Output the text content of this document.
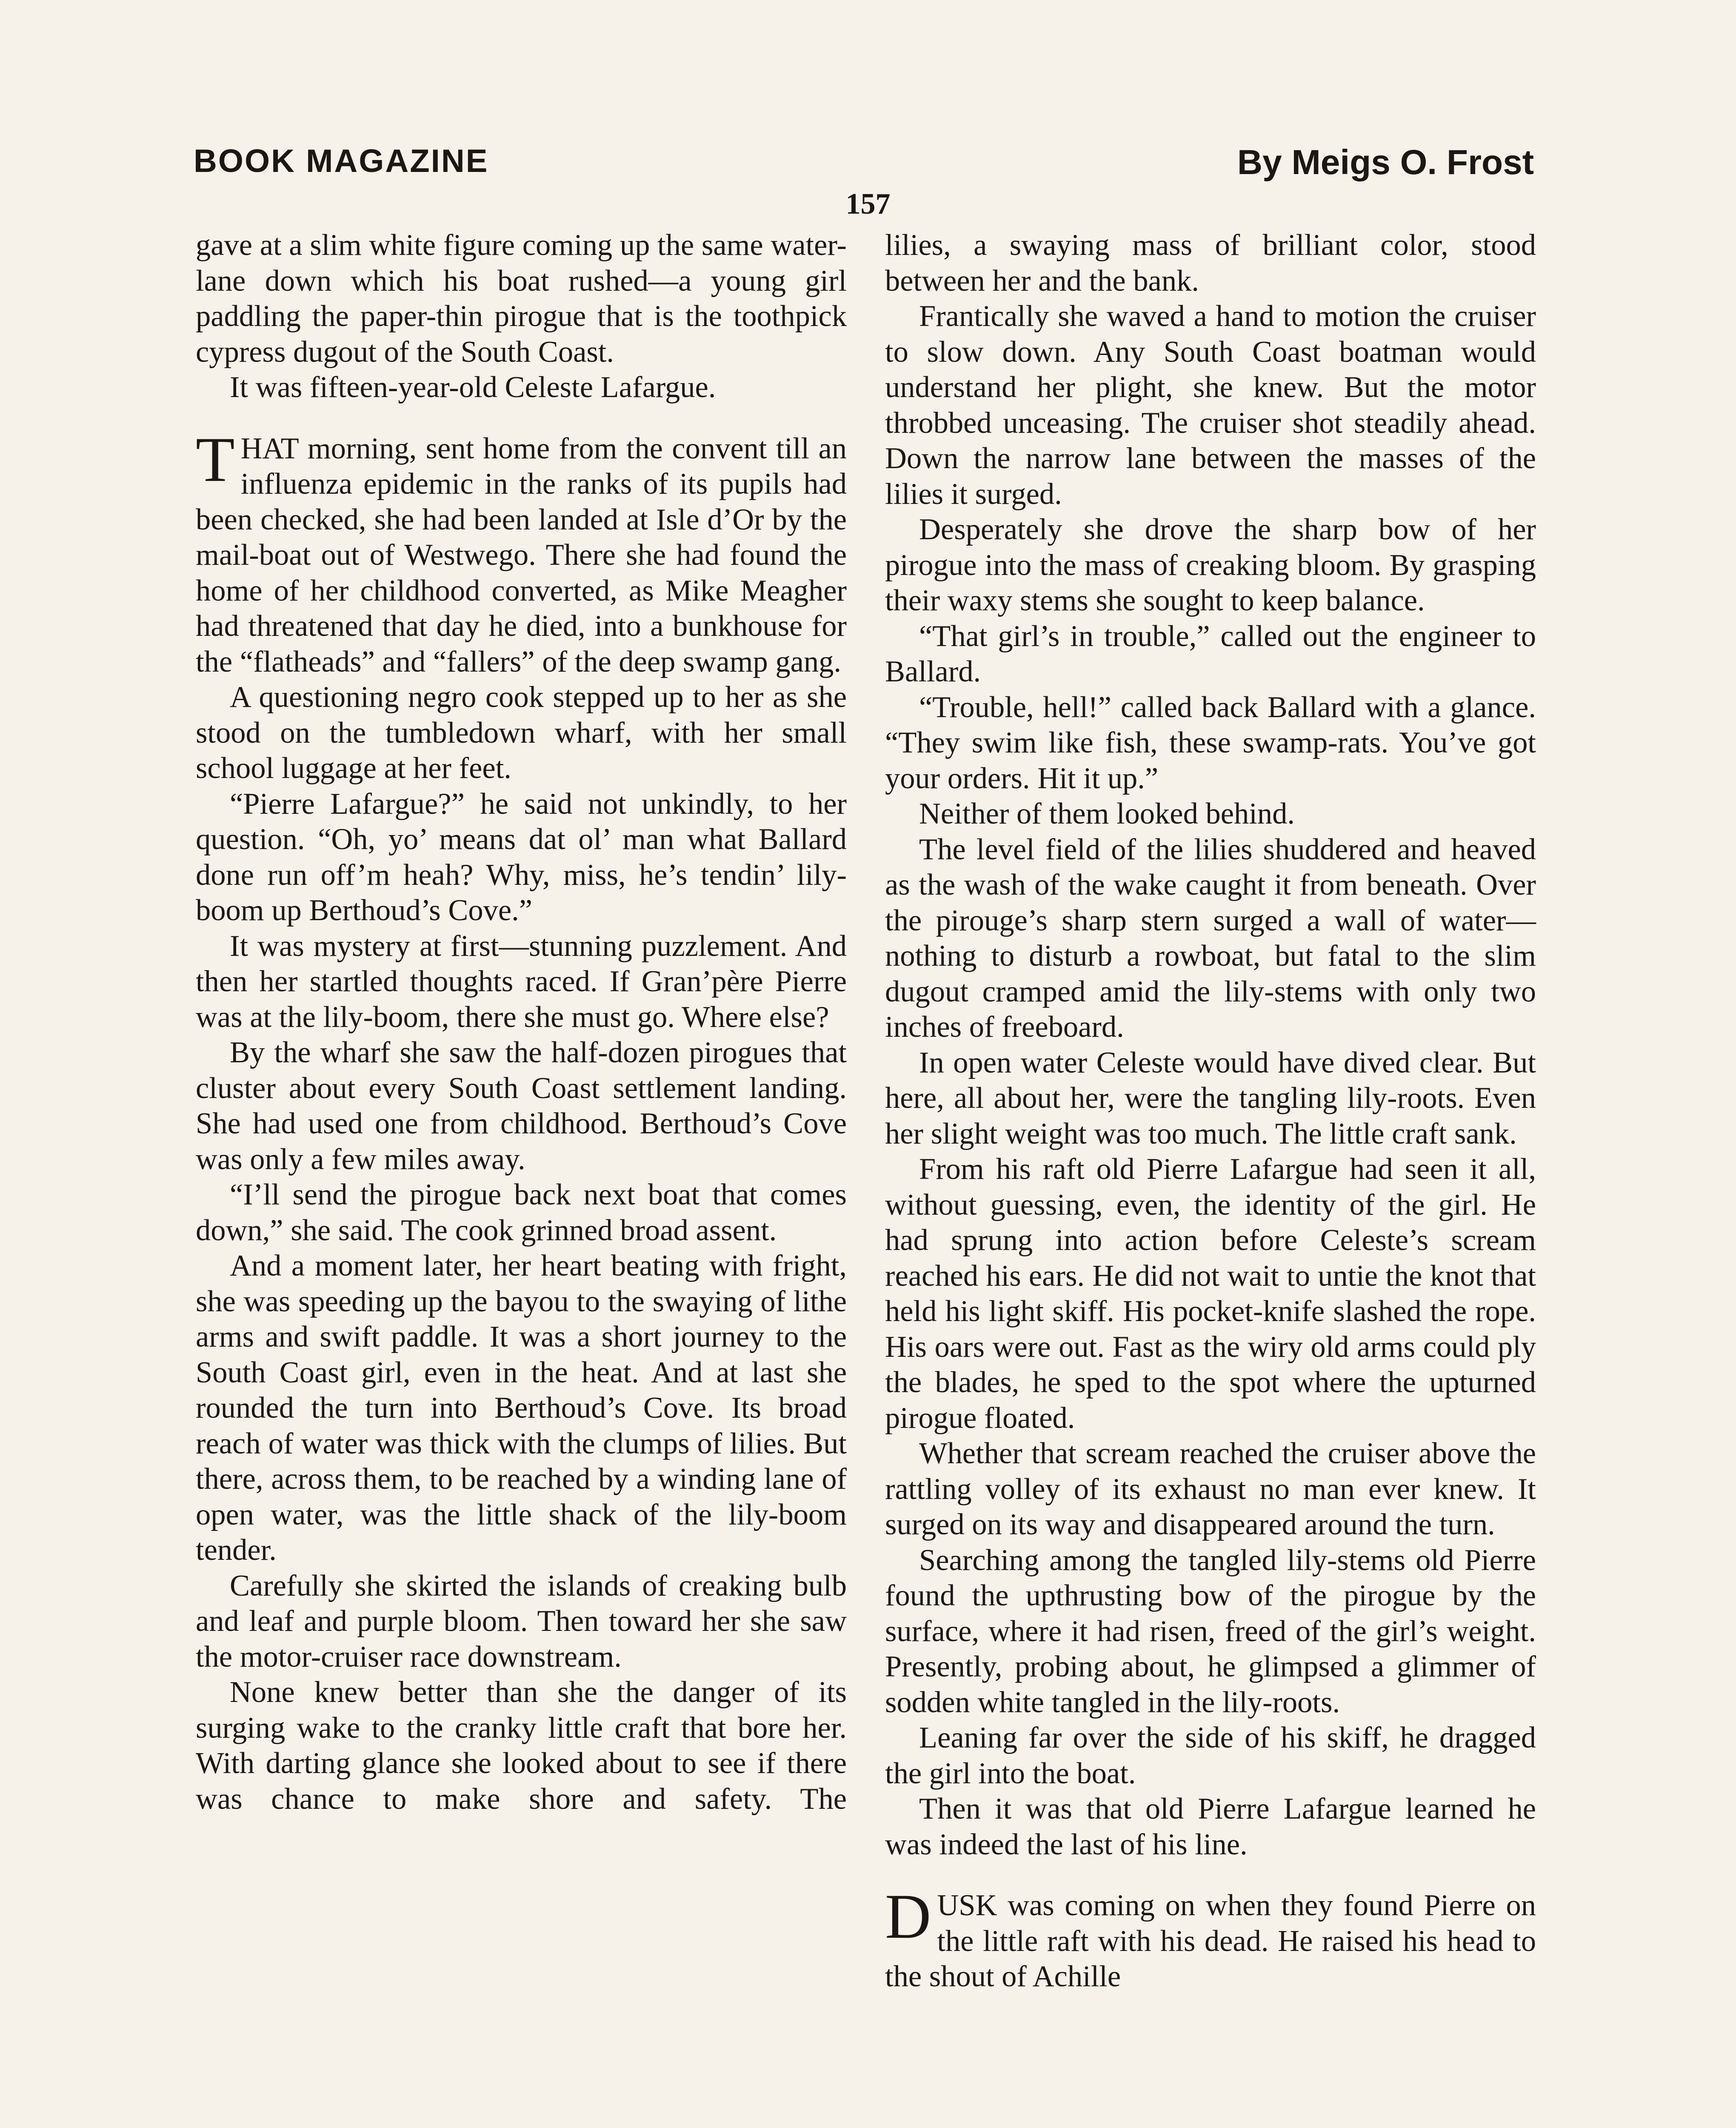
BOOK MAGAZINE	By Meigs O. Frost
157

gave at a slim white figure coming up the same water-lane down which his boat rushed—a young girl paddling the paper-thin pirogue that is the toothpick cypress dugout of the South Coast.

It was fifteen-year-old Celeste Lafargue.

THAT morning, sent home from the convent till an influenza epidemic in the ranks of its pupils had been checked, she had been landed at Isle d’Or by the mail-boat out of Westwego. There she had found the home of her childhood converted, as Mike Meagher had threatened that day he died, into a bunkhouse for the “flatheads” and “fallers” of the deep swamp gang.

A questioning negro cook stepped up to her as she stood on the tumbledown wharf, with her small school luggage at her feet.

“Pierre Lafargue?” he said not unkindly, to her question. “Oh, yo’ means dat ol’ man what Ballard done run off’m heah? Why, miss, he’s tendin’ lily-boom up Berthoud’s Cove.”

It was mystery at first—stunning puzzlement. And then her startled thoughts raced. If Gran’père Pierre was at the lily-boom, there she must go. Where else?

By the wharf she saw the half-dozen pirogues that cluster about every South Coast settlement landing. She had used one from childhood. Berthoud’s Cove was only a few miles away.

“I’ll send the pirogue back next boat that comes down,” she said. The cook grinned broad assent.

And a moment later, her heart beating with fright, she was speeding up the bayou to the swaying of lithe arms and swift paddle. It was a short journey to the South Coast girl, even in the heat. And at last she rounded the turn into Berthoud’s Cove. Its broad reach of water was thick with the clumps of lilies. But there, across them, to be reached by a winding lane of open water, was the little shack of the lily-boom tender.

Carefully she skirted the islands of creaking bulb and leaf and purple bloom. Then toward her she saw the motor-cruiser race downstream.

None knew better than she the danger of its surging wake to the cranky little craft that bore her. With darting glance she looked about to see if there was chance to make shore and safety. The

lilies, a swaying mass of brilliant color, stood between her and the bank.

Frantically she waved a hand to motion the cruiser to slow down. Any South Coast boatman would understand her plight, she knew. But the motor throbbed unceasing. The cruiser shot steadily ahead. Down the narrow lane between the masses of the lilies it surged.

Desperately she drove the sharp bow of her pirogue into the mass of creaking bloom. By grasping their waxy stems she sought to keep balance.

“That girl’s in trouble,” called out the engineer to Ballard.

“Trouble, hell!” called back Ballard with a glance. “They swim like fish, these swamp-rats. You’ve got your orders. Hit it up.”

Neither of them looked behind.

The level field of the lilies shuddered and heaved as the wash of the wake caught it from beneath. Over the pirouge’s sharp stern surged a wall of water—nothing to disturb a rowboat, but fatal to the slim dugout cramped amid the lily-stems with only two inches of freeboard.

In open water Celeste would have dived clear. But here, all about her, were the tangling lily-roots. Even her slight weight was too much. The little craft sank.

From his raft old Pierre Lafargue had seen it all, without guessing, even, the identity of the girl. He had sprung into action before Celeste’s scream reached his ears. He did not wait to untie the knot that held his light skiff. His pocket-knife slashed the rope. His oars were out. Fast as the wiry old arms could ply the blades, he sped to the spot where the upturned pirogue floated.

Whether that scream reached the cruiser above the rattling volley of its exhaust no man ever knew. It surged on its way and disappeared around the turn.

Searching among the tangled lily-stems old Pierre found the upthrusting bow of the pirogue by the surface, where it had risen, freed of the girl’s weight. Presently, probing about, he glimpsed a glimmer of sodden white tangled in the lily-roots.

Leaning far over the side of his skiff, he dragged the girl into the boat.

Then it was that old Pierre Lafargue learned he was indeed the last of his line.

DUSK was coming on when they found Pierre on the little raft with his dead. He raised his head to the shout of Achille
